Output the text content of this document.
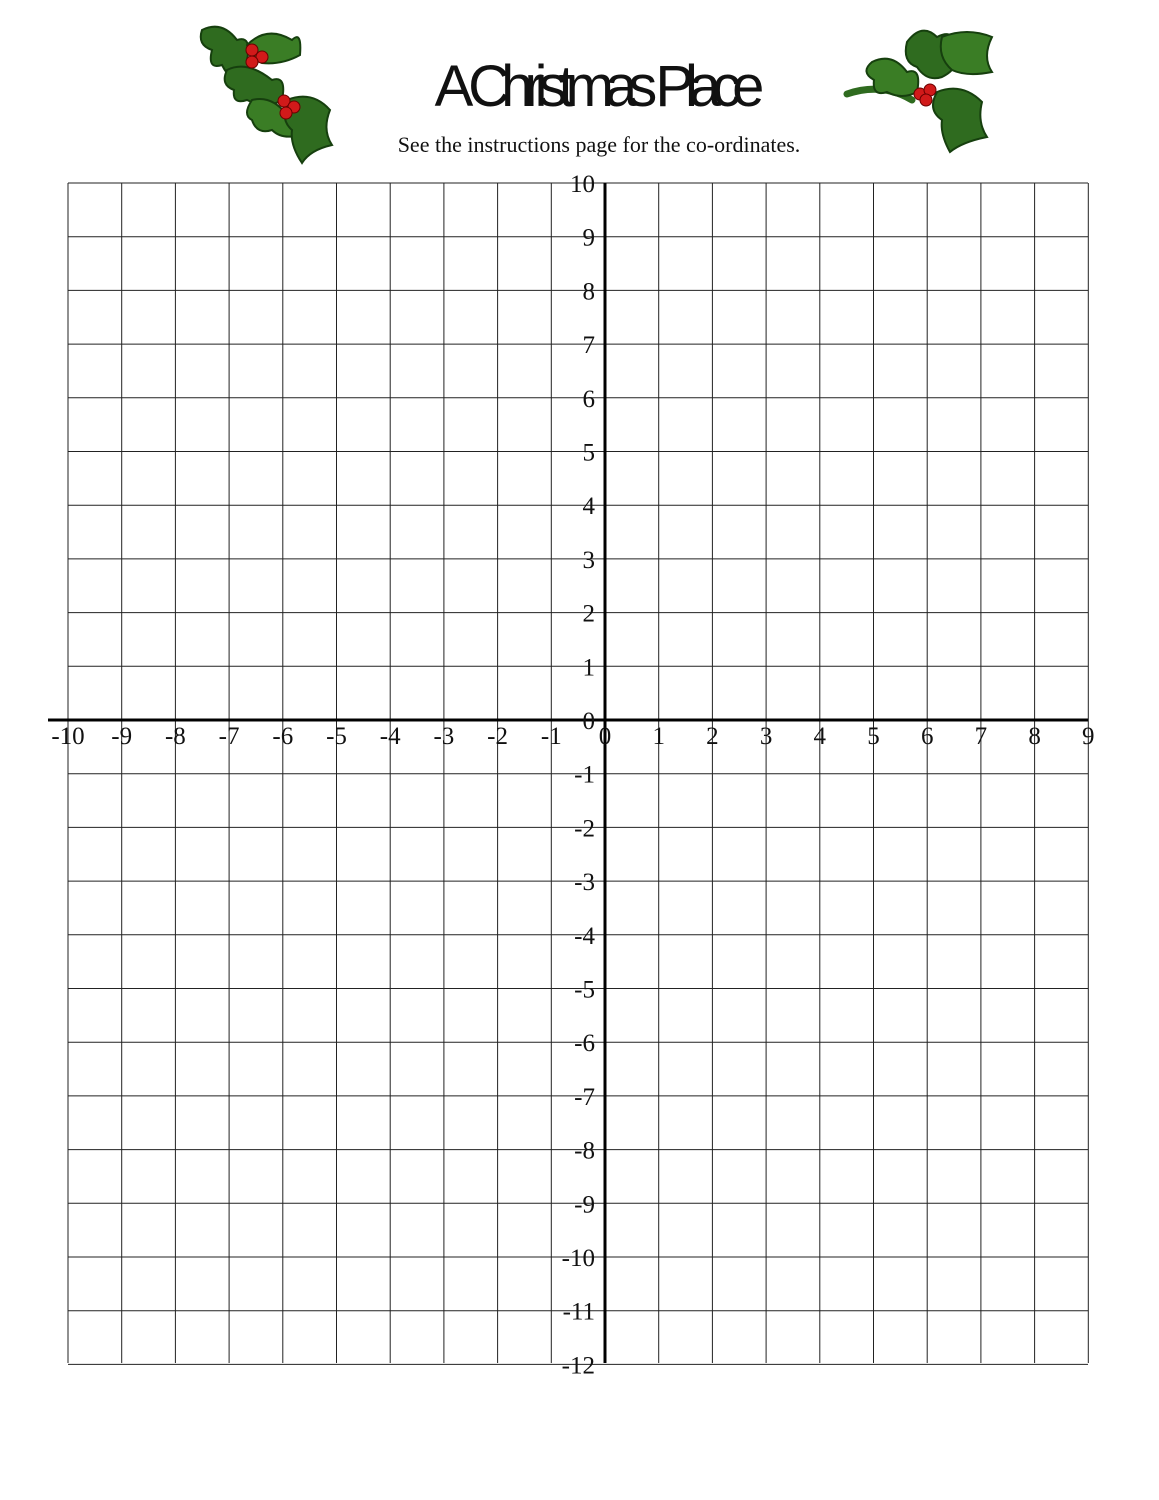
A Christmas Place
See the instructions page for the co-ordinates.
-10 -9 -8 -7 -6 -5 -4 -3 -2 -1 0 1 2 3 4 5 6 7 8 9
10
9
8
7
6
5
4
3
2
1
0
-1
-2
-3
-4
-5
-6
-7
-8
-9
-10
-11
-12
